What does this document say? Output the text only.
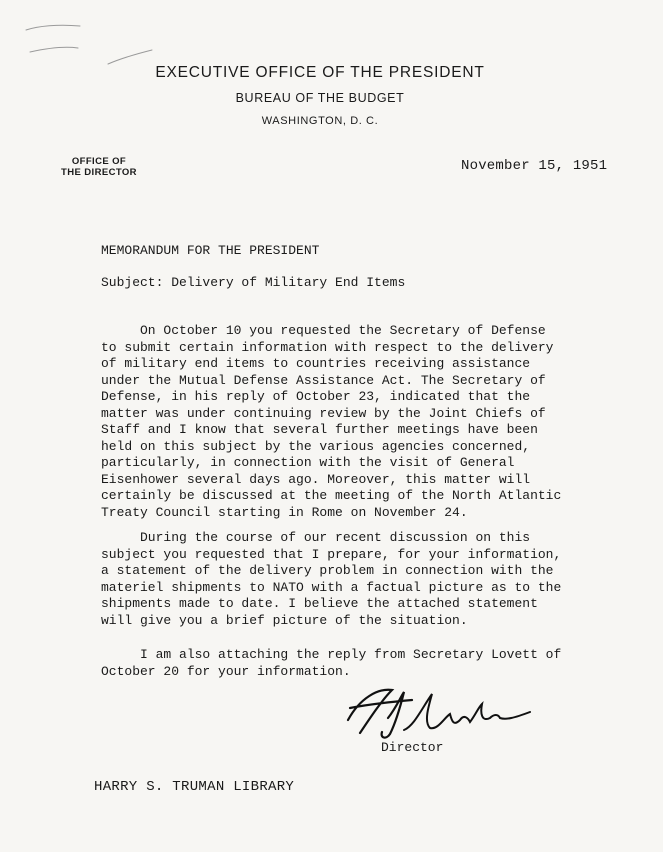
EXECUTIVE OFFICE OF THE PRESIDENT
BUREAU OF THE BUDGET
WASHINGTON, D. C.
OFFICE OF
THE DIRECTOR	November 15, 1951
MEMORANDUM FOR THE PRESIDENT
Subject: Delivery of Military End Items
On October 10 you requested the Secretary of Defense
to submit certain information with respect to the delivery
of military end items to countries receiving assistance
under the Mutual Defense Assistance Act. The Secretary of
Defense, in his reply of October 23, indicated that the
matter was under continuing review by the Joint Chiefs of
Staff and I know that several further meetings have been
held on this subject by the various agencies concerned,
particularly, in connection with the visit of General
Eisenhower several days ago. Moreover, this matter will
certainly be discussed at the meeting of the North Atlantic
Treaty Council starting in Rome on November 24.
During the course of our recent discussion on this
subject you requested that I prepare, for your information,
a statement of the delivery problem in connection with the
materiel shipments to NATO with a factual picture as to the
shipments made to date. I believe the attached statement
will give you a brief picture of the situation.
I am also attaching the reply from Secretary Lovett of
October 20 for your information.
Director
HARRY S. TRUMAN LIBRARY
